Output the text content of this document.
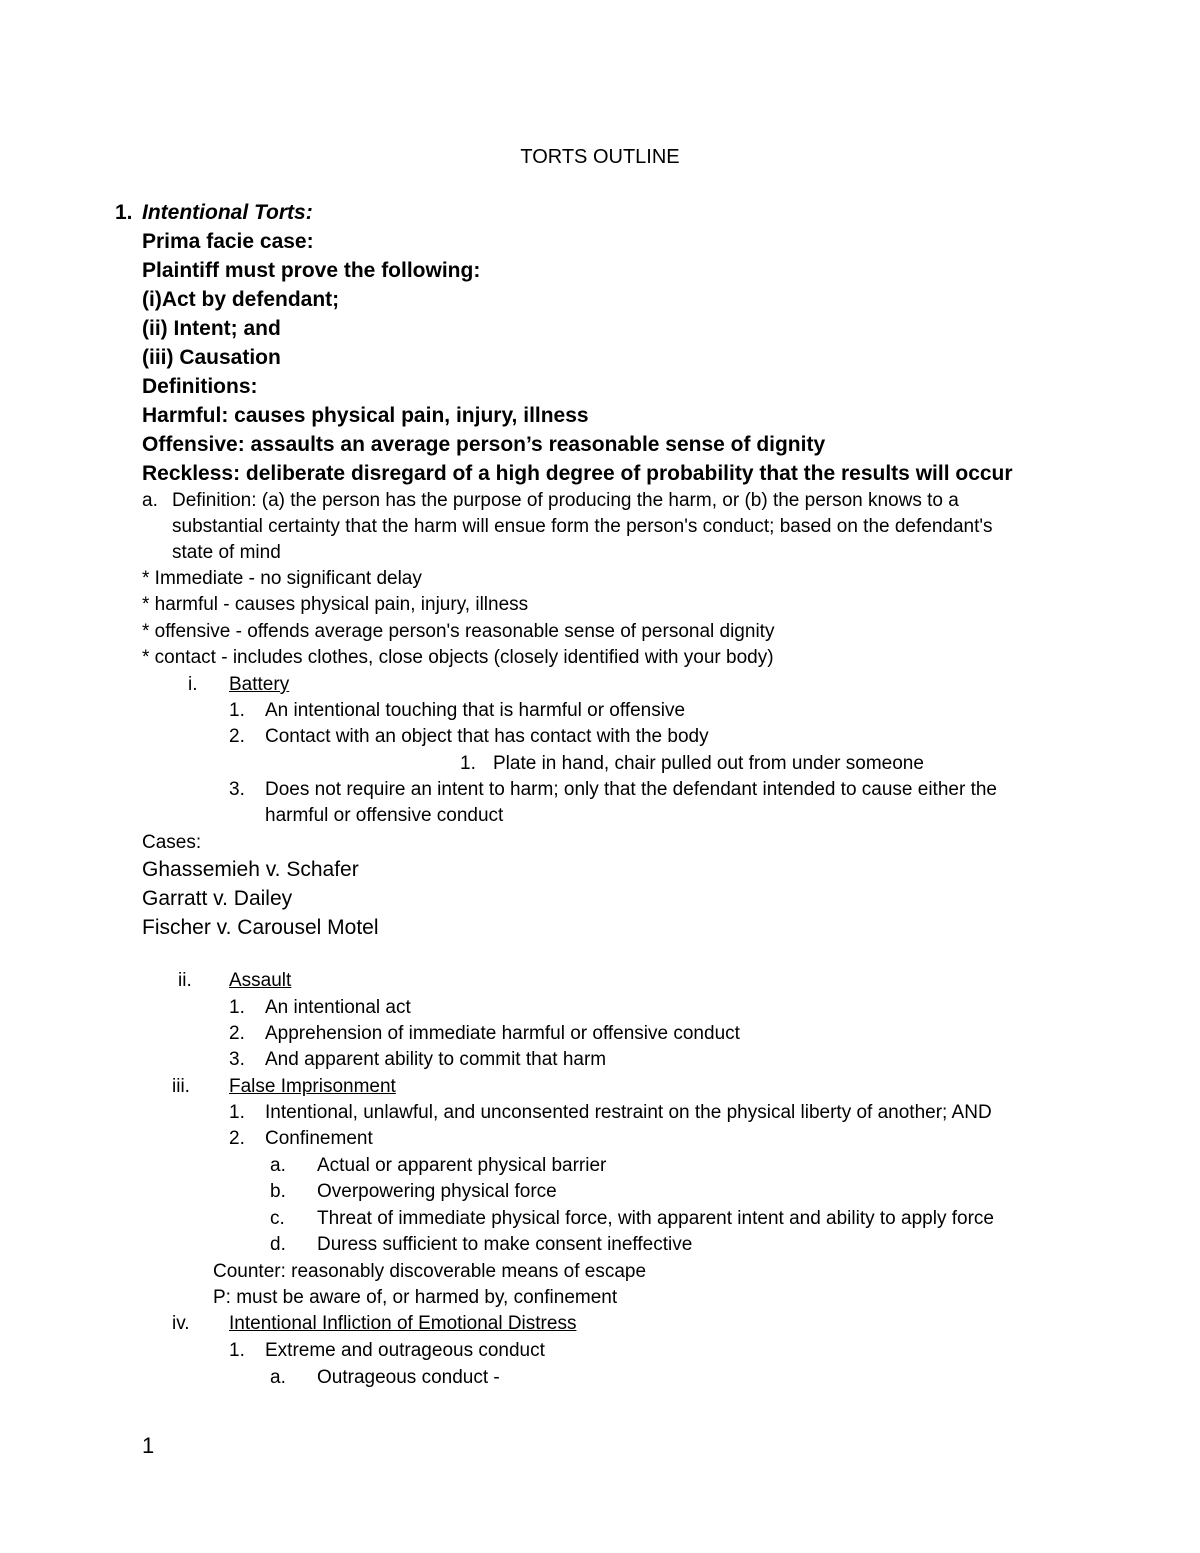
TORTS OUTLINE
1. Intentional Torts:
Prima facie case:
Plaintiff must prove the following:
(i)Act by defendant;
(ii) Intent; and
(iii) Causation
Definitions:
Harmful: causes physical pain, injury, illness
Offensive: assaults an average person’s reasonable sense of dignity
Reckless: deliberate disregard of a high degree of probability that the results will occur
a. Definition: (a) the person has the purpose of producing the harm, or (b) the person knows to a
substantial certainty that the harm will ensue form the person's conduct; based on the defendant's
state of mind
* Immediate - no significant delay
* harmful - causes physical pain, injury, illness
* offensive - offends average person's reasonable sense of personal dignity
* contact - includes clothes, close objects (closely identified with your body)
i. Battery
1. An intentional touching that is harmful or offensive
2. Contact with an object that has contact with the body
1. Plate in hand, chair pulled out from under someone
3. Does not require an intent to harm; only that the defendant intended to cause either the
harmful or offensive conduct
Cases:
Ghassemieh v. Schafer
Garratt v. Dailey
Fischer v. Carousel Motel
ii. Assault
1. An intentional act
2. Apprehension of immediate harmful or offensive conduct
3. And apparent ability to commit that harm
iii. False Imprisonment
1. Intentional, unlawful, and unconsented restraint on the physical liberty of another; AND
2. Confinement
a. Actual or apparent physical barrier
b. Overpowering physical force
c. Threat of immediate physical force, with apparent intent and ability to apply force
d. Duress sufficient to make consent ineffective
Counter: reasonably discoverable means of escape
P: must be aware of, or harmed by, confinement
iv. Intentional Infliction of Emotional Distress
1. Extreme and outrageous conduct
a. Outrageous conduct -
1
